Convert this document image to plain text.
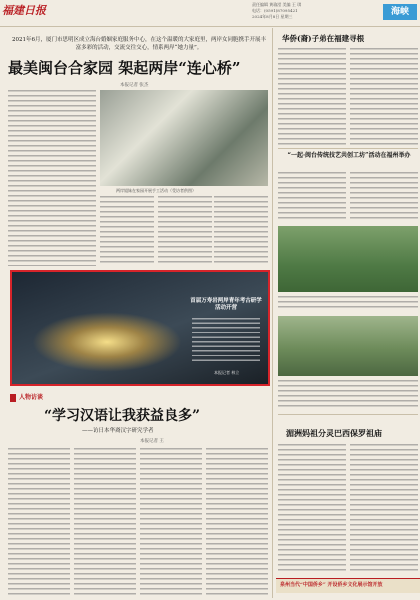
福建日报	责任编辑 黄瑜滢 美编 王 琪
电话：(0591)87095421
2024年8月8日 星期三	海峡
2021年6月，厦门市思明区成立海台婚姻家庭服务中心，在这个温暖的大家庭里，两岸女同胞携手开展丰富多彩的活动，交流交往交心，情系两岸“她力量”。
最美闽台合家园 架起两岸“连心桥”
本报记者 张杰
两岸姐妹在家园开展手工活动（受访者供图）
首届万寿岩两岸青年考古研学活动开营
本报记者 林立
人物访谈
“学习汉语让我获益良多”
——访日本华裔汉字研究学者
本报记者 王
华侨(裔)子弟在福建寻根
“一起·闽台传统技艺共创工坊”活动在福州举办
湄洲妈祖分灵巴西保罗祖庙
泉州当代“中国侨乡” 开设侨乡文化展示馆开放
